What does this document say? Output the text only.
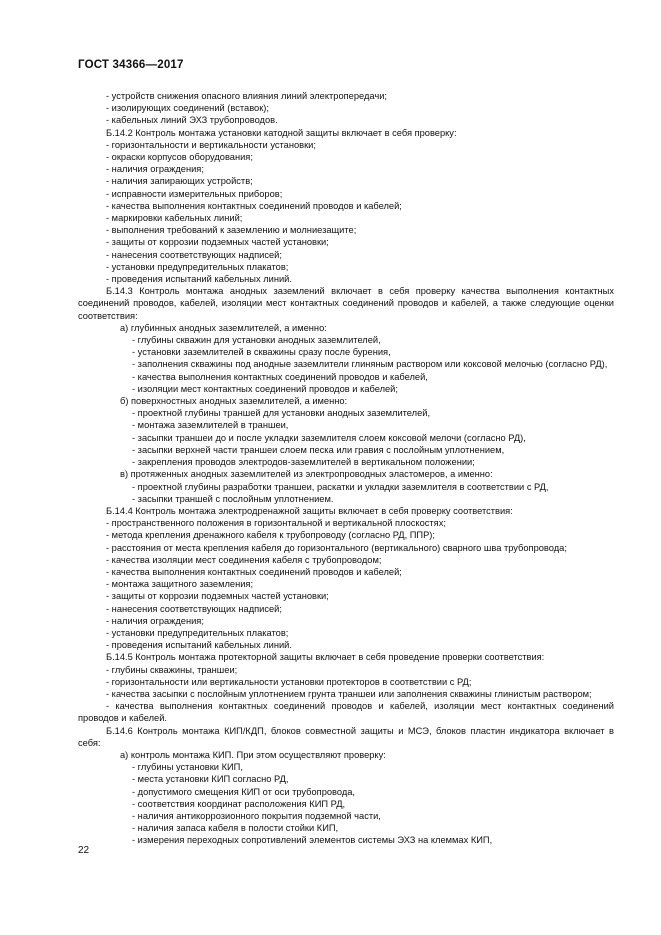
ГОСТ 34366—2017
- устройств снижения опасного влияния линий электропередачи;
- изолирующих соединений (вставок);
- кабельных линий ЭХЗ трубопроводов.
Б.14.2 Контроль монтажа установки катодной защиты включает в себя проверку:
- горизонтальности и вертикальности установки;
- окраски корпусов оборудования;
- наличия ограждения;
- наличия запирающих устройств;
- исправности измерительных приборов;
- качества выполнения контактных соединений проводов и кабелей;
- маркировки кабельных линий;
- выполнения требований к заземлению и молниезащите;
- защиты от коррозии подземных частей установки;
- нанесения соответствующих надписей;
- установки предупредительных плакатов;
- проведения испытаний кабельных линий.
Б.14.3 Контроль монтажа анодных заземлений включает в себя проверку качества выполнения контактных соединений проводов, кабелей, изоляции мест контактных соединений проводов и кабелей, а также следующие оценки соответствия:
а) глубинных анодных заземлителей, а именно:
- глубины скважин для установки анодных заземлителей,
- установки заземлителей в скважины сразу после бурения,
- заполнения скважины под анодные заземлители глиняным раствором или коксовой мелочью (согласно РД),
- качества выполнения контактных соединений проводов и кабелей,
- изоляции мест контактных соединений проводов и кабелей;
б) поверхностных анодных заземлителей, а именно:
- проектной глубины траншей для установки анодных заземлителей,
- монтажа заземлителей в траншеи,
- засыпки траншеи до и после укладки заземлителя слоем коксовой мелочи (согласно РД),
- засыпки верхней части траншеи слоем песка или гравия с послойным уплотнением,
- закрепления проводов электродов-заземлителей в вертикальном положении;
в) протяженных анодных заземлителей из электропроводных эластомеров, а именно:
- проектной глубины разработки траншеи, раскатки и укладки заземлителя в соответствии с РД,
- засыпки траншей с послойным уплотнением.
Б.14.4 Контроль монтажа электродренажной защиты включает в себя проверку соответствия:
- пространственного положения в горизонтальной и вертикальной плоскостях;
- метода крепления дренажного кабеля к трубопроводу (согласно РД, ППР);
- расстояния от места крепления кабеля до горизонтального (вертикального) сварного шва трубопровода;
- качества изоляции мест соединения кабеля с трубопроводом;
- качества выполнения контактных соединений проводов и кабелей;
- монтажа защитного заземления;
- защиты от коррозии подземных частей установки;
- нанесения соответствующих надписей;
- наличия ограждения;
- установки предупредительных плакатов;
- проведения испытаний кабельных линий.
Б.14.5 Контроль монтажа протекторной защиты включает в себя проведение проверки соответствия:
- глубины скважины, траншеи;
- горизонтальности или вертикальности установки протекторов в соответствии с РД;
- качества засыпки с послойным уплотнением грунта траншеи или заполнения скважины глинистым раствором;
- качества выполнения контактных соединений проводов и кабелей, изоляции мест контактных соединений проводов и кабелей.
Б.14.6 Контроль монтажа КИП/КДП, блоков совместной защиты и МСЭ, блоков пластин индикатора включает в себя:
а) контроль монтажа КИП. При этом осуществляют проверку:
- глубины установки КИП,
- места установки КИП согласно РД,
- допустимого смещения КИП от оси трубопровода,
- соответствия координат расположения КИП РД,
- наличия антикоррозионного покрытия подземной части,
- наличия запаса кабеля в полости стойки КИП,
- измерения переходных сопротивлений элементов системы ЭХЗ на клеммах КИП,
22
